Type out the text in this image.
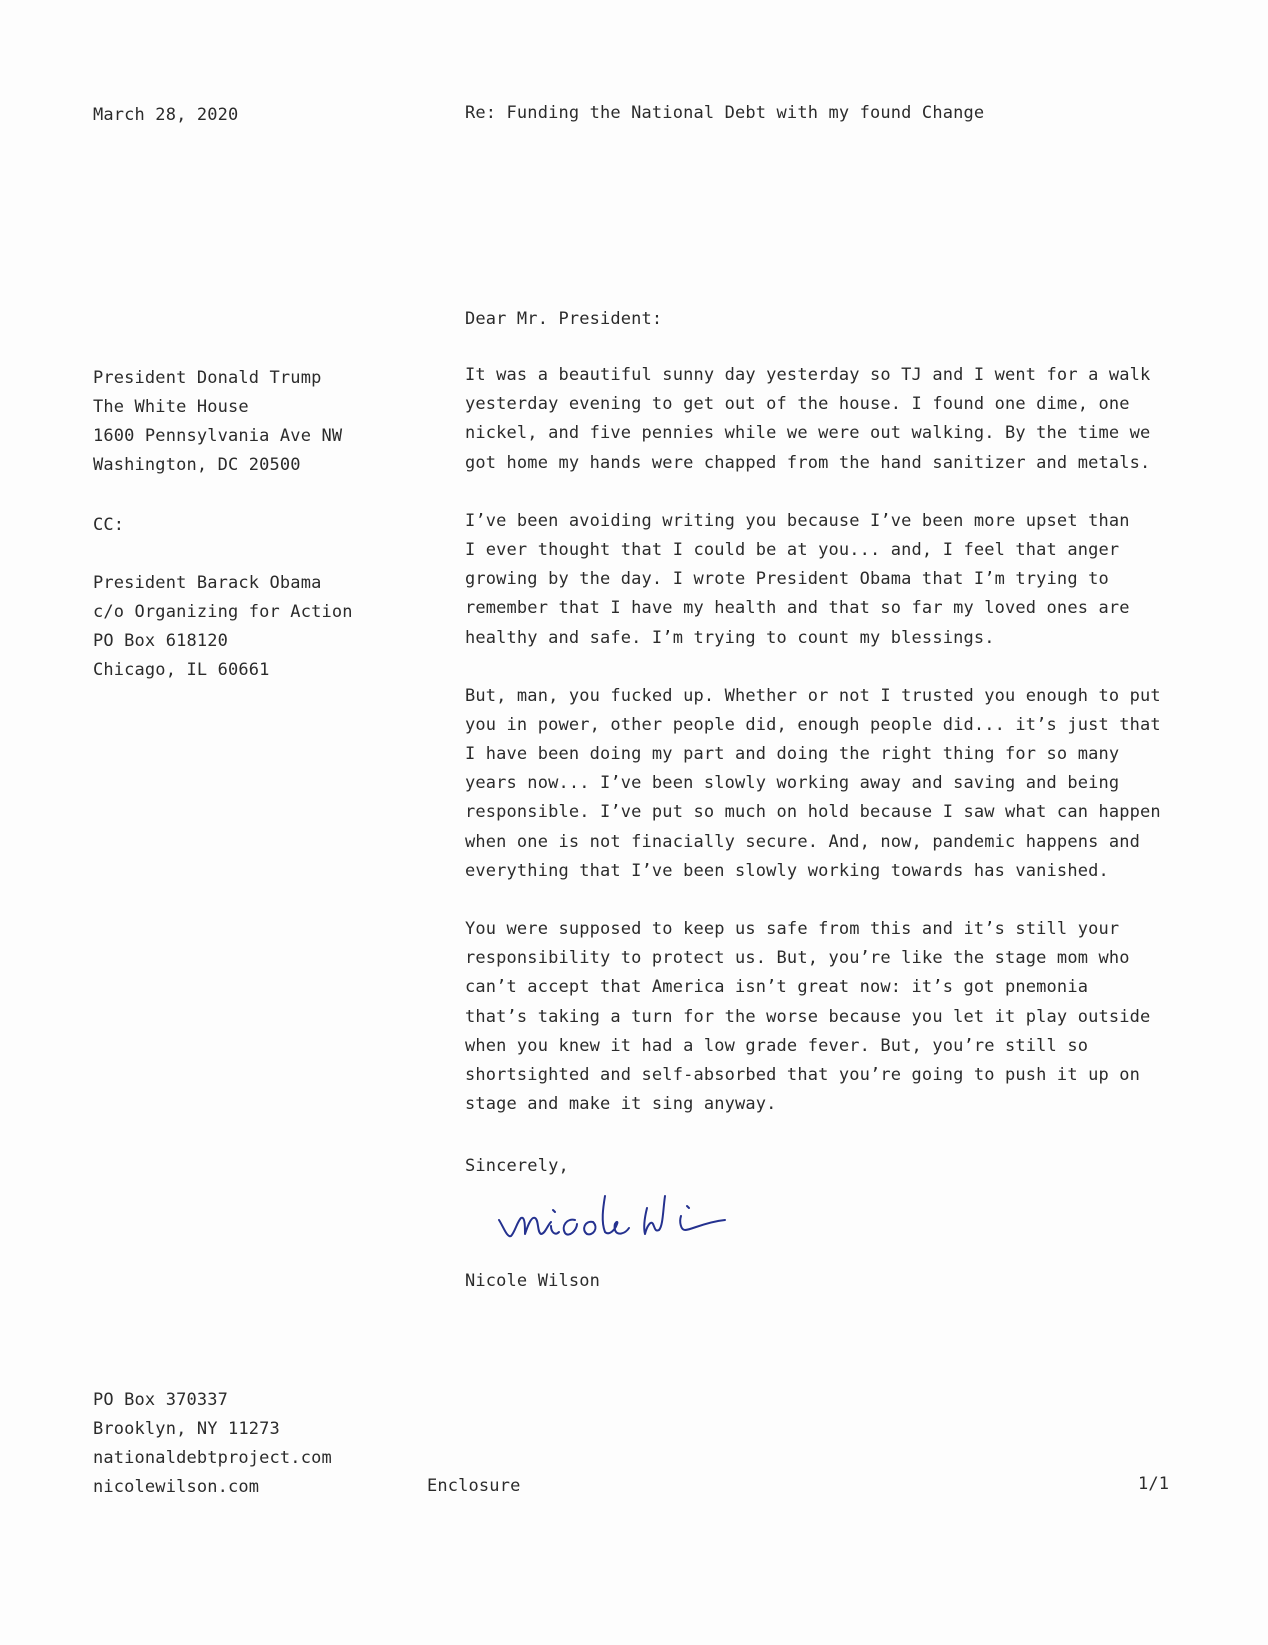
March 28, 2020	Re: Funding the National Debt with my found Change
Dear Mr. President:
President Donald Trump
The White House
1600 Pennsylvania Ave NW
Washington, DC 20500
CC:
President Barack Obama
c/o Organizing for Action
PO Box 618120
Chicago, IL 60661
It was a beautiful sunny day yesterday so TJ and I went for a walk
yesterday evening to get out of the house. I found one dime, one
nickel, and five pennies while we were out walking. By the time we
got home my hands were chapped from the hand sanitizer and metals.
I’ve been avoiding writing you because I’ve been more upset than
I ever thought that I could be at you... and, I feel that anger
growing by the day. I wrote President Obama that I’m trying to
remember that I have my health and that so far my loved ones are
healthy and safe. I’m trying to count my blessings.
But, man, you fucked up. Whether or not I trusted you enough to put
you in power, other people did, enough people did... it’s just that
I have been doing my part and doing the right thing for so many
years now... I’ve been slowly working away and saving and being
responsible. I’ve put so much on hold because I saw what can happen
when one is not finacially secure. And, now, pandemic happens and
everything that I’ve been slowly working towards has vanished.
You were supposed to keep us safe from this and it’s still your
responsibility to protect us. But, you’re like the stage mom who
can’t accept that America isn’t great now: it’s got pnemonia
that’s taking a turn for the worse because you let it play outside
when you knew it had a low grade fever. But, you’re still so
shortsighted and self-absorbed that you’re going to push it up on
stage and make it sing anyway.
Sincerely,
Nicole Wilson
PO Box 370337
Brooklyn, NY 11273
nationaldebtproject.com
nicolewilson.com	Enclosure	1/1
